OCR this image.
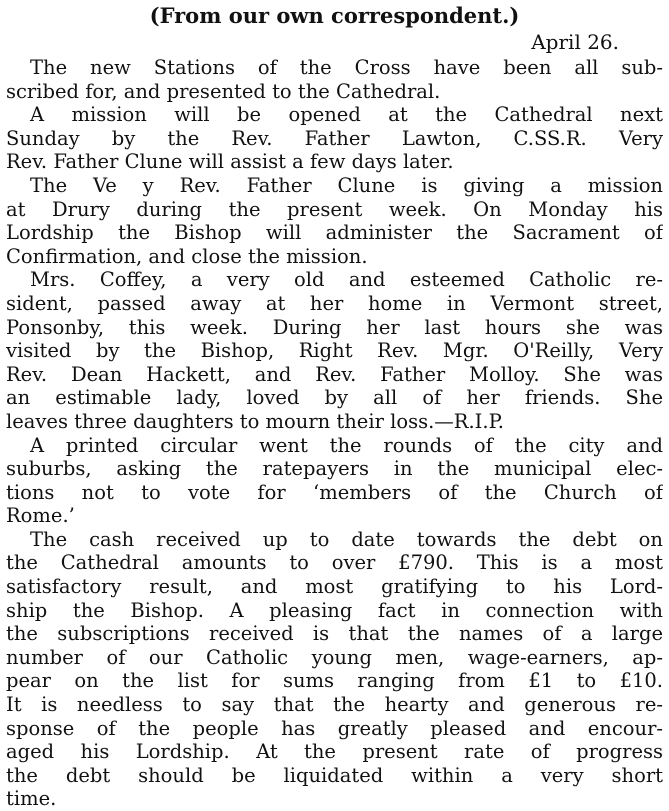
(From our own correspondent.)
April 26.
The new Stations of the Cross have been all sub-
scribed for, and presented to the Cathedral.
A mission will be opened at the Cathedral next
Sunday by the Rev. Father Lawton, C.SS.R. Very
Rev. Father Clune will assist a few days later.
The Ve y Rev. Father Clune is giving a mission
at Drury during the present week. On Monday his
Lordship the Bishop will administer the Sacrament of
Confirmation, and close the mission.
Mrs. Coffey, a very old and esteemed Catholic re-
sident, passed away at her home in Vermont street,
Ponsonby, this week. During her last hours she was
visited by the Bishop, Right Rev. Mgr. O'Reilly, Very
Rev. Dean Hackett, and Rev. Father Molloy. She was
an estimable lady, loved by all of her friends. She
leaves three daughters to mourn their loss.—R.I.P.
A printed circular went the rounds of the city and
suburbs, asking the ratepayers in the municipal elec-
tions not to vote for ‘members of the Church of
Rome.’
The cash received up to date towards the debt on
the Cathedral amounts to over £790. This is a most
satisfactory result, and most gratifying to his Lord-
ship the Bishop. A pleasing fact in connection with
the subscriptions received is that the names of a large
number of our Catholic young men, wage-earners, ap-
pear on the list for sums ranging from £1 to £10.
It is needless to say that the hearty and generous re-
sponse of the people has greatly pleased and encour-
aged his Lordship. At the present rate of progress
the debt should be liquidated within a very short
time.
